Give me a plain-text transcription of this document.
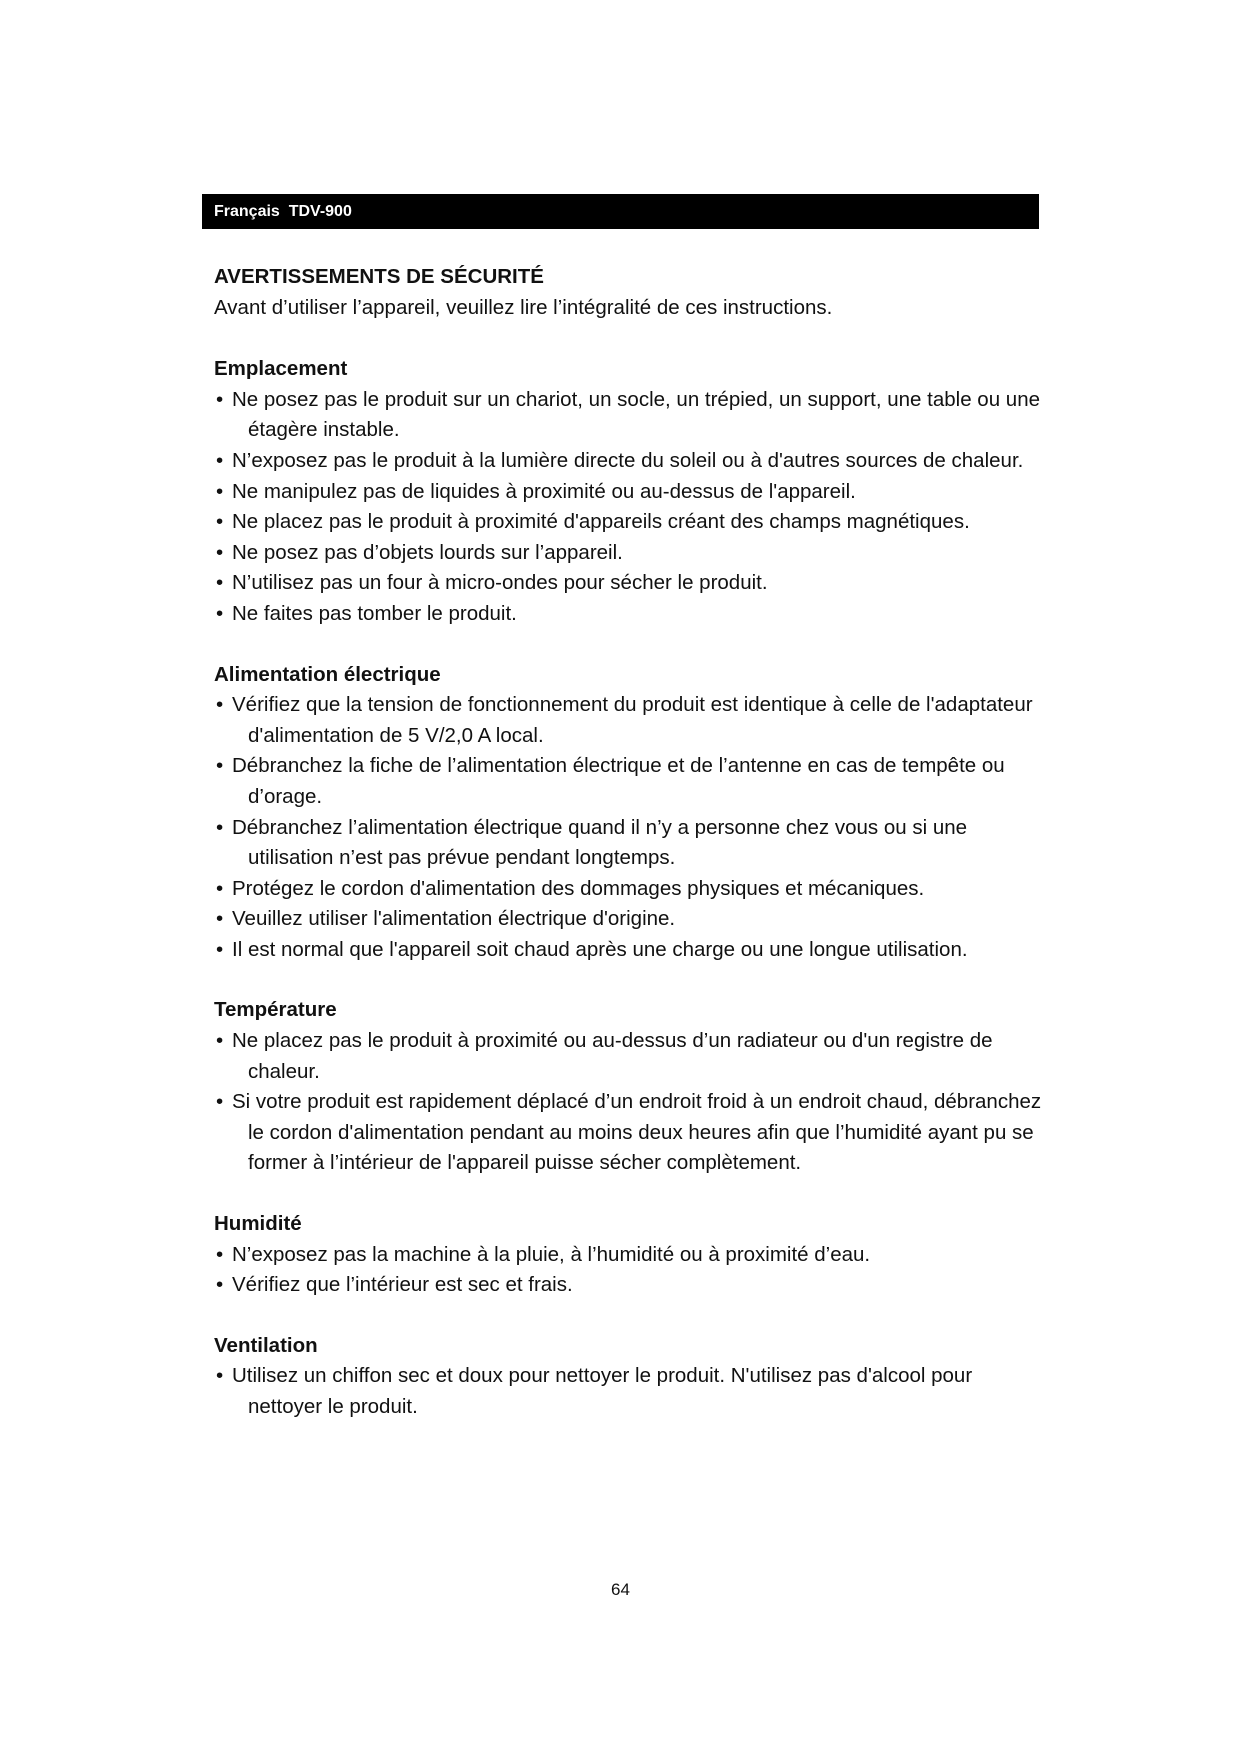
Français  TDV-900
AVERTISSEMENTS DE SÉCURITÉ

Avant d’utiliser l’appareil, veuillez lire l’intégralité de ces instructions.

Emplacement
• Ne posez pas le produit sur un chariot, un socle, un trépied, un support, une table ou une étagère instable.
• N’exposez pas le produit à la lumière directe du soleil ou à d'autres sources de chaleur.
• Ne manipulez pas de liquides à proximité ou au-dessus de l'appareil.
• Ne placez pas le produit à proximité d'appareils créant des champs magnétiques.
• Ne posez pas d’objets lourds sur l’appareil.
• N’utilisez pas un four à micro-ondes pour sécher le produit.
• Ne faites pas tomber le produit.
Alimentation électrique
• Vérifiez que la tension de fonctionnement du produit est identique à celle de l'adaptateur d'alimentation de 5 V/2,0 A local.
• Débranchez la fiche de l’alimentation électrique et de l’antenne en cas de tempête ou d’orage.
• Débranchez l’alimentation électrique quand il n’y a personne chez vous ou si une utilisation n’est pas prévue pendant longtemps.
• Protégez le cordon d'alimentation des dommages physiques et mécaniques.
• Veuillez utiliser l'alimentation électrique d'origine.
• Il est normal que l'appareil soit chaud après une charge ou une longue utilisation.
Température
• Ne placez pas le produit à proximité ou au-dessus d’un radiateur ou d'un registre de chaleur.
• Si votre produit est rapidement déplacé d’un endroit froid à un endroit chaud, débranchez le cordon d'alimentation pendant au moins deux heures afin que l’humidité ayant pu se former à l’intérieur de l'appareil puisse sécher complètement.
Humidité
• N’exposez pas la machine à la pluie, à l’humidité ou à proximité d’eau.
• Vérifiez que l’intérieur est sec et frais.
Ventilation
• Utilisez un chiffon sec et doux pour nettoyer le produit. N'utilisez pas d'alcool pour nettoyer le produit.
64
